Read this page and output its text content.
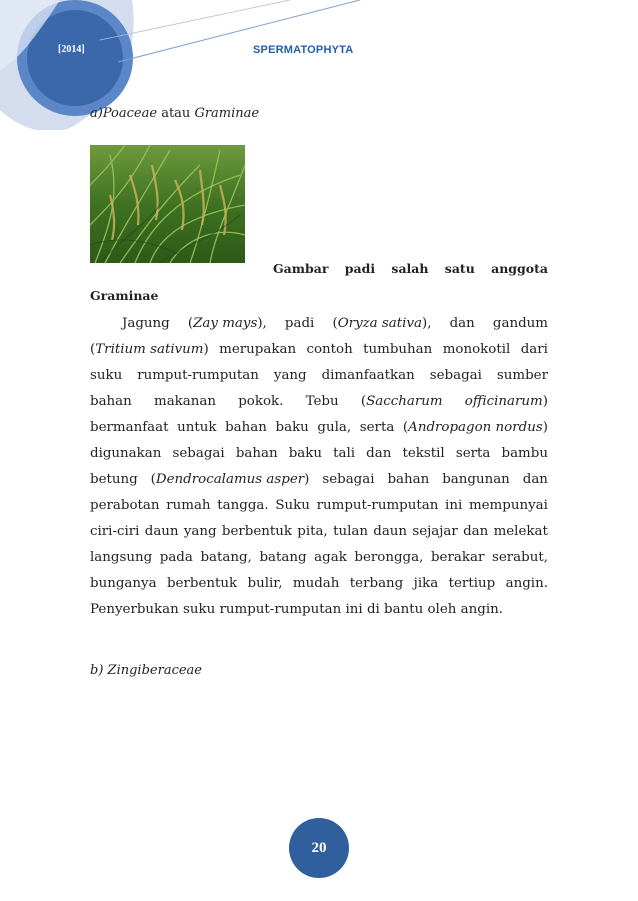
[2014]	SPERMATOPHYTA
a)Poaceae atau Graminae
Gambar padi salah satu anggota
Graminae
Jagung (Zay mays), padi (Oryza sativa), dan gandum
(Tritium sativum) merupakan contoh tumbuhan monokotil dari
suku rumput-rumputan yang dimanfaatkan sebagai sumber
bahan makanan pokok. Tebu (Saccharum officinarum)
bermanfaat untuk bahan baku gula, serta (Andropagon nordus)
digunakan sebagai bahan baku tali dan tekstil serta bambu
betung (Dendrocalamus asper) sebagai bahan bangunan dan
perabotan rumah tangga. Suku rumput-rumputan ini mempunyai
ciri-ciri daun yang berbentuk pita, tulan daun sejajar dan melekat
langsung pada batang, batang agak berongga, berakar serabut,
bunganya berbentuk bulir, mudah terbang jika tertiup angin.
Penyerbukan suku rumput-rumputan ini di bantu oleh angin.
b) Zingiberaceae
20
